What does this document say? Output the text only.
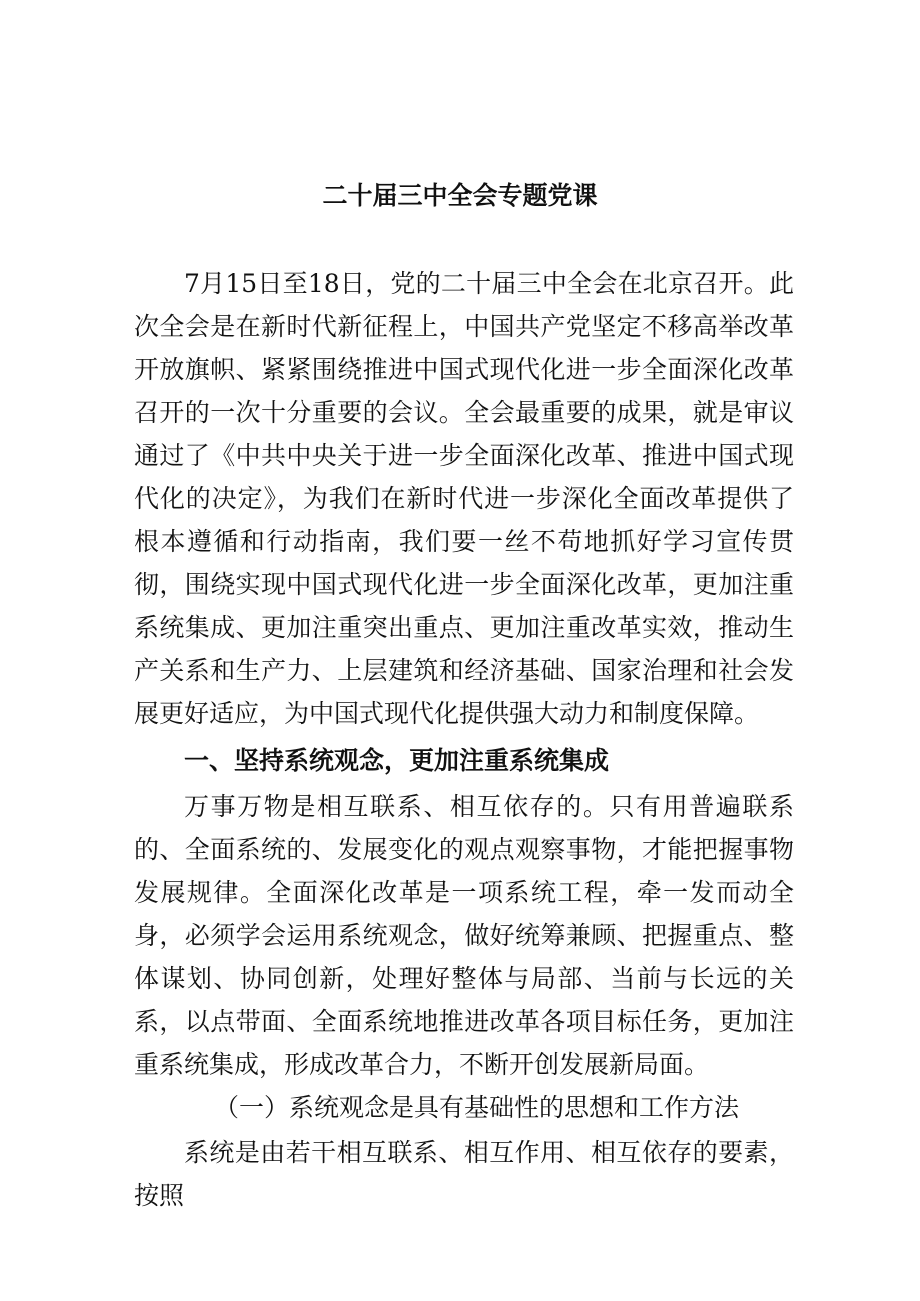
二十届三中全会专题党课

7月15日至18日，党的二十届三中全会在北京召开。此次全会是在新时代新征程上，中国共产党坚定不移高举改革开放旗帜、紧紧围绕推进中国式现代化进一步全面深化改革召开的一次十分重要的会议。全会最重要的成果，就是审议通过了《中共中央关于进一步全面深化改革、推进中国式现代化的决定》，为我们在新时代进一步深化全面改革提供了根本遵循和行动指南，我们要一丝不苟地抓好学习宣传贯彻，围绕实现中国式现代化进一步全面深化改革，更加注重系统集成、更加注重突出重点、更加注重改革实效，推动生产关系和生产力、上层建筑和经济基础、国家治理和社会发展更好适应，为中国式现代化提供强大动力和制度保障。

一、坚持系统观念，更加注重系统集成

万事万物是相互联系、相互依存的。只有用普遍联系的、全面系统的、发展变化的观点观察事物，才能把握事物发展规律。全面深化改革是一项系统工程，牵一发而动全身，必须学会运用系统观念，做好统筹兼顾、把握重点、整体谋划、协同创新，处理好整体与局部、当前与长远的关系，以点带面、全面系统地推进改革各项目标任务，更加注重系统集成，形成改革合力，不断开创发展新局面。

（一）系统观念是具有基础性的思想和工作方法

系统是由若干相互联系、相互作用、相互依存的要素，按照
